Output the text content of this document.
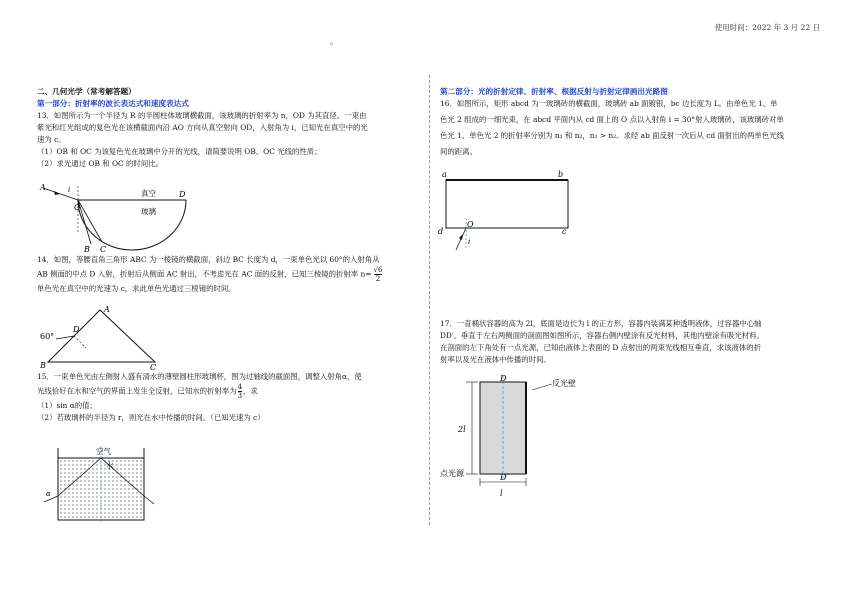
使用时间：2022 年 3 月 22 日
。

二、几何光学（常考解答题）

第一部分：折射率的波长表达式和速度表达式

13．如图所示为一个半径为 R 的半圆柱体玻璃横截面，该玻璃的折射率为 n，OD 为其直径。一束由

紫光和红光组成的复色光在该横截面内沿 AO 方向从真空射向 OD，入射角为 i，已知光在真空中的光

速为 c。

（1）OB 和 OC 为该复色光在玻璃中分开的光线，请简要说明 OB、OC 光线的性质；

（2）求光通过 OB 和 OC 的时间比。

A	i
O
D
B C
真空
玻璃

14．如图，等腰直角三角形 ABC 为一棱镜的横截面，斜边 BC 长度为 d，一束单色光以 60°的入射角从

AB 侧面的中点 D 入射，折射后从侧面 AC 射出，不考虑光在 AC 面的反射，已知三棱镜的折射率 $n= \frac{√6}{2}$

单色光在真空中的光速为 c，求此单色光通过三棱镜的时间。

A
B	C
D
60°

15．一束单色光由左侧射入盛有清水的薄壁圆柱形玻璃杯，图为过轴线的截面图，调整入射角α，使

光线恰好在水和空气的界面上发生全反射，已知水的折射率为 $\frac{4}{3}$ ，求

（1）sin α的值；

（2）若玻璃杯的半径为 r，则光在水中传播的时间。（已知光速为 c）

空气
水
α

第二部分：光的折射定律、折射率、根据反射与折射定律画出光路图

16．如图所示，矩形 abcd 为一玻璃砖的横截面，玻璃砖 ab 面镀银，bc 边长度为 L。由单色光 1、单

色光 2 组成的一细光束，在 abcd 平面内从 cd 面上的 O 点以入射角 i = 30°射入玻璃砖，该玻璃砖对单

色光 1、单色光 2 的折射率分别为 n₁ 和 n₂，n₁ > n₂。求经 ab 面反射一次后从 cd 面射出的两单色光线

间的距离。

a	b
d	c
O
i

17．一直桶状容器的高为 2l，底面是边长为 l 的正方形，容器内装满某种透明液体，过容器中心轴

DD′、垂直于左右两侧面的剖面图如图所示，容器右侧内壁涂有反光材料，其他内壁涂有吸光材料。

在剖面的左下角处有一点光源，已知由液体上表面的 D 点射出的两束光线相互垂直，求该液体的折

射率以及光在液体中传播的时间。

D
D′
反光壁
2l
l
点光源
